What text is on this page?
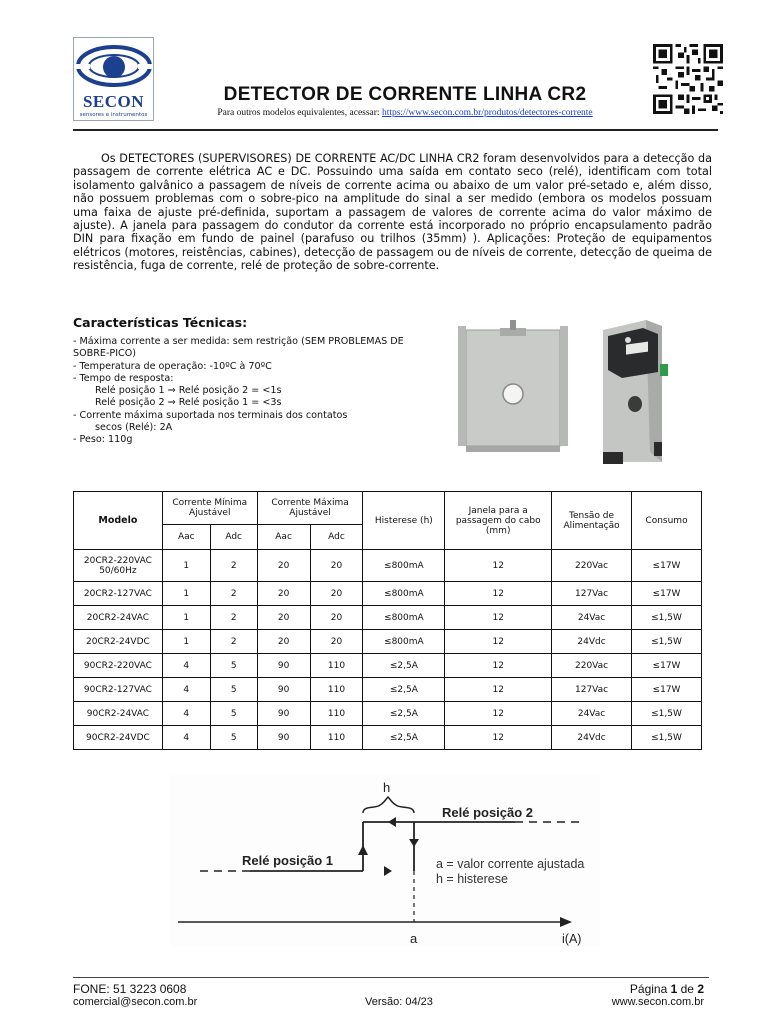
SECON
sensores e instrumentos
DETECTOR DE CORRENTE LINHA CR2
Para outros modelos equivalentes, acessar: https://www.secon.com.br/produtos/detectores-corrente
Os DETECTORES (SUPERVISORES) DE CORRENTE AC/DC LINHA CR2 foram desenvolvidos para a detecção da passagem de corrente elétrica AC e DC. Possuindo uma saída em contato seco (relé), identificam com total isolamento galvânico a passagem de níveis de corrente acima ou abaixo de um valor pré-setado e, além disso, não possuem problemas com o sobre-pico na amplitude do sinal a ser medido (embora os modelos possuam uma faixa de ajuste pré-definida, suportam a passagem de valores de corrente acima do valor máximo de ajuste). A janela para passagem do condutor da corrente está incorporado no próprio encapsulamento padrão DIN para fixação em fundo de painel (parafuso ou trilhos (35mm) ). Aplicações: Proteção de equipamentos elétricos (motores, reistências, cabines), detecção de passagem ou de níveis de corrente, detecção de queima de resistência, fuga de corrente, relé de proteção de sobre-corrente.
Características Técnicas:
- Máxima corrente a ser medida: sem restrição (SEM PROBLEMAS DE
SOBRE-PICO)
- Temperatura de operação: -10ºC à 70ºC
- Tempo de resposta:
Relé posição 1 ⇒ Relé posição 2 = <1s
Relé posição 2 ⇒ Relé posição 1 = <3s
- Corrente máxima suportada nos terminais dos contatos
secos (Relé): 2A
- Peso: 110g
Modelo	Corrente Mínima Ajustável		Corrente Máxima Ajustável		Histerese (h)	Janela para a passagem do cabo (mm)	Tensão de Alimentação	Consumo
	Aac	Adc	Aac	Adc				
20CR2-220VAC 50/60Hz	1	2	20	20	≤800mA	12	220Vac	≤17W
20CR2-127VAC	1	2	20	20	≤800mA	12	127Vac	≤17W
20CR2-24VAC	1	2	20	20	≤800mA	12	24Vac	≤1,5W
20CR2-24VDC	1	2	20	20	≤800mA	12	24Vdc	≤1,5W
90CR2-220VAC	4	5	90	110	≤2,5A	12	220Vac	≤17W
90CR2-127VAC	4	5	90	110	≤2,5A	12	127Vac	≤17W
90CR2-24VAC	4	5	90	110	≤2,5A	12	24Vac	≤1,5W
90CR2-24VDC	4	5	90	110	≤2,5A	12	24Vdc	≤1,5W
h
Relé posição 2
Relé posição 1	a = valor corrente ajustada
h = histerese
a	i(A)
FONE: 51 3223 0608
comercial@secon.com.br	Versão: 04/23
Página 1 de 2
www.secon.com.br
